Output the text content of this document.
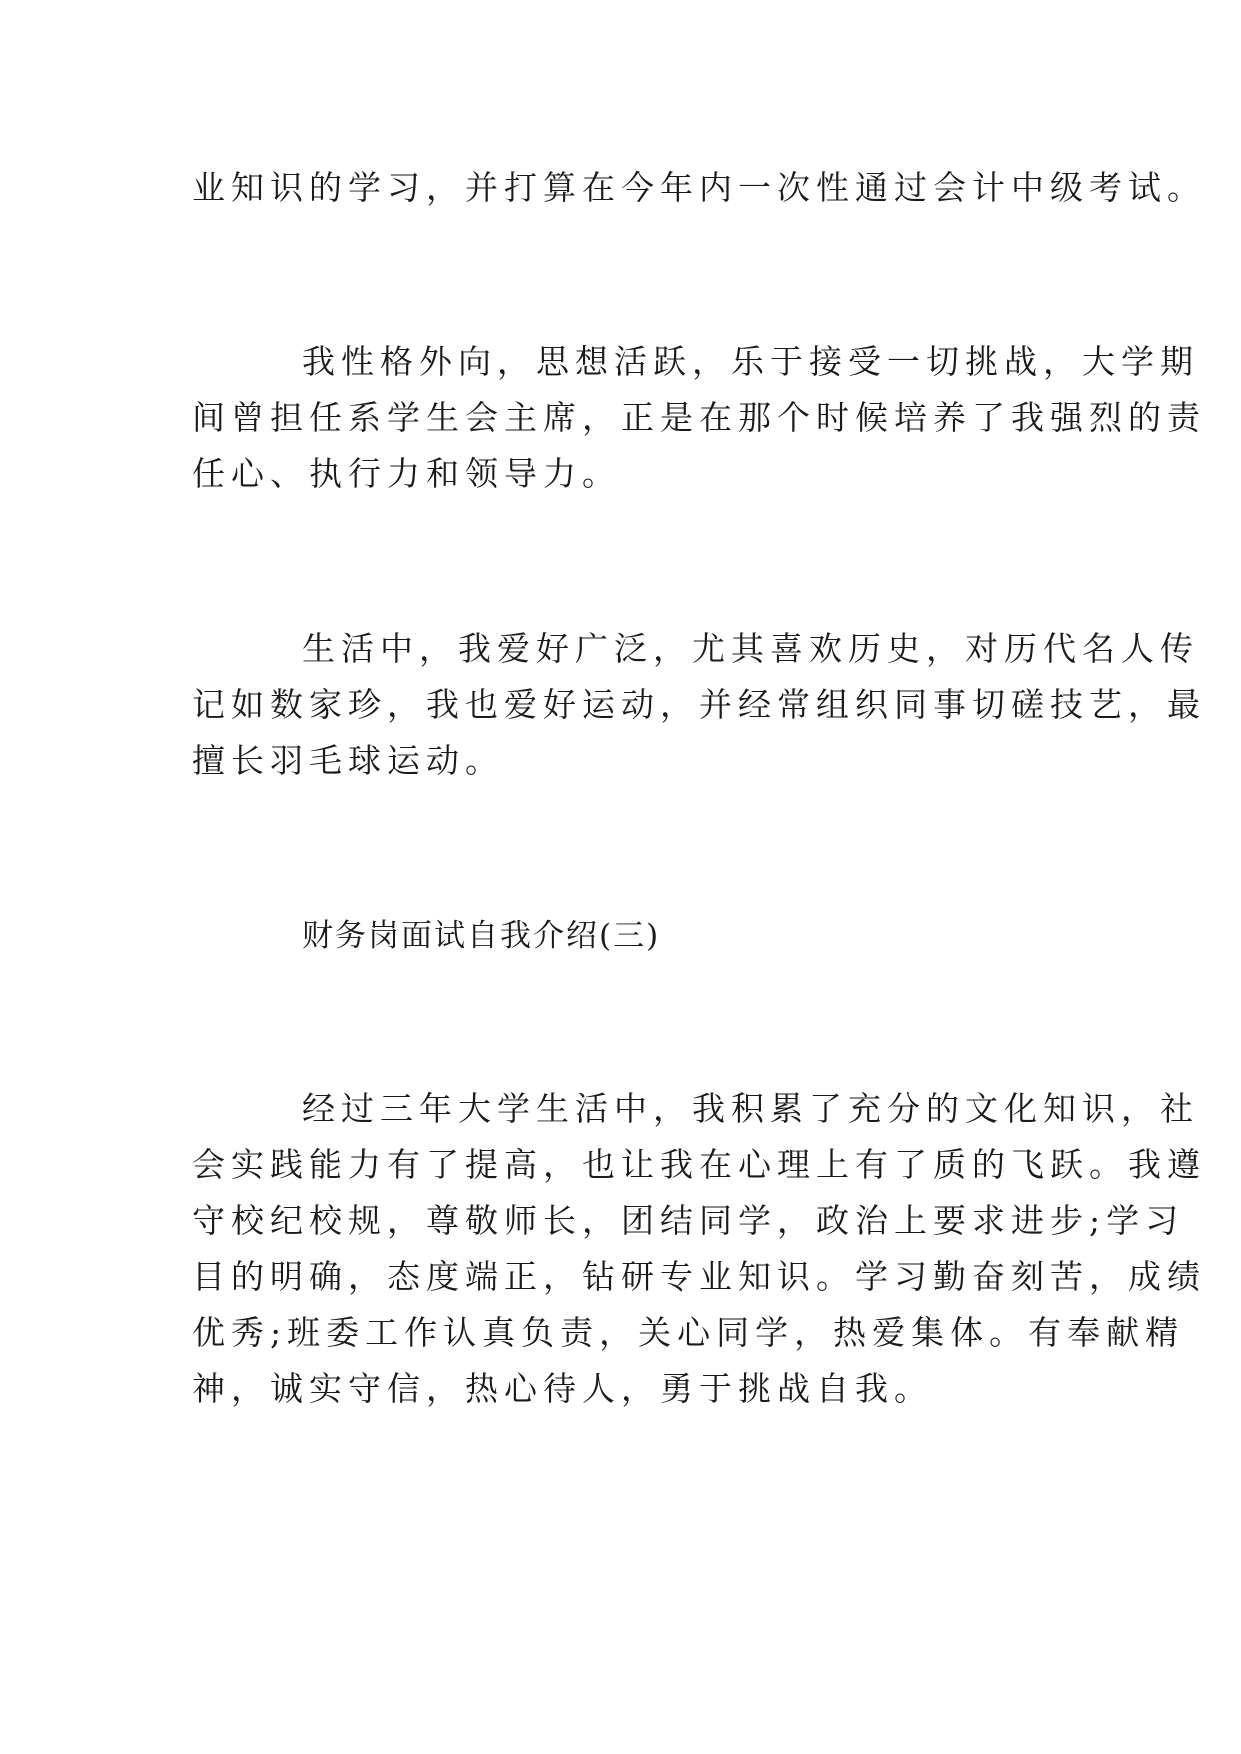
业知识的学习，并打算在今年内一次性通过会计中级考试。

我性格外向，思想活跃，乐于接受一切挑战，大学期

间曾担任系学生会主席，正是在那个时候培养了我强烈的责

任心、执行力和领导力。

生活中，我爱好广泛，尤其喜欢历史，对历代名人传

记如数家珍，我也爱好运动，并经常组织同事切磋技艺，最

擅长羽毛球运动。

财务岗面试自我介绍(三)

经过三年大学生活中，我积累了充分的文化知识，社

会实践能力有了提高，也让我在心理上有了质的飞跃。我遵

守校纪校规，尊敬师长，团结同学，政治上要求进步;学习

目的明确，态度端正，钻研专业知识。学习勤奋刻苦，成绩

优秀;班委工作认真负责，关心同学，热爱集体。有奉献精

神，诚实守信，热心待人，勇于挑战自我。
